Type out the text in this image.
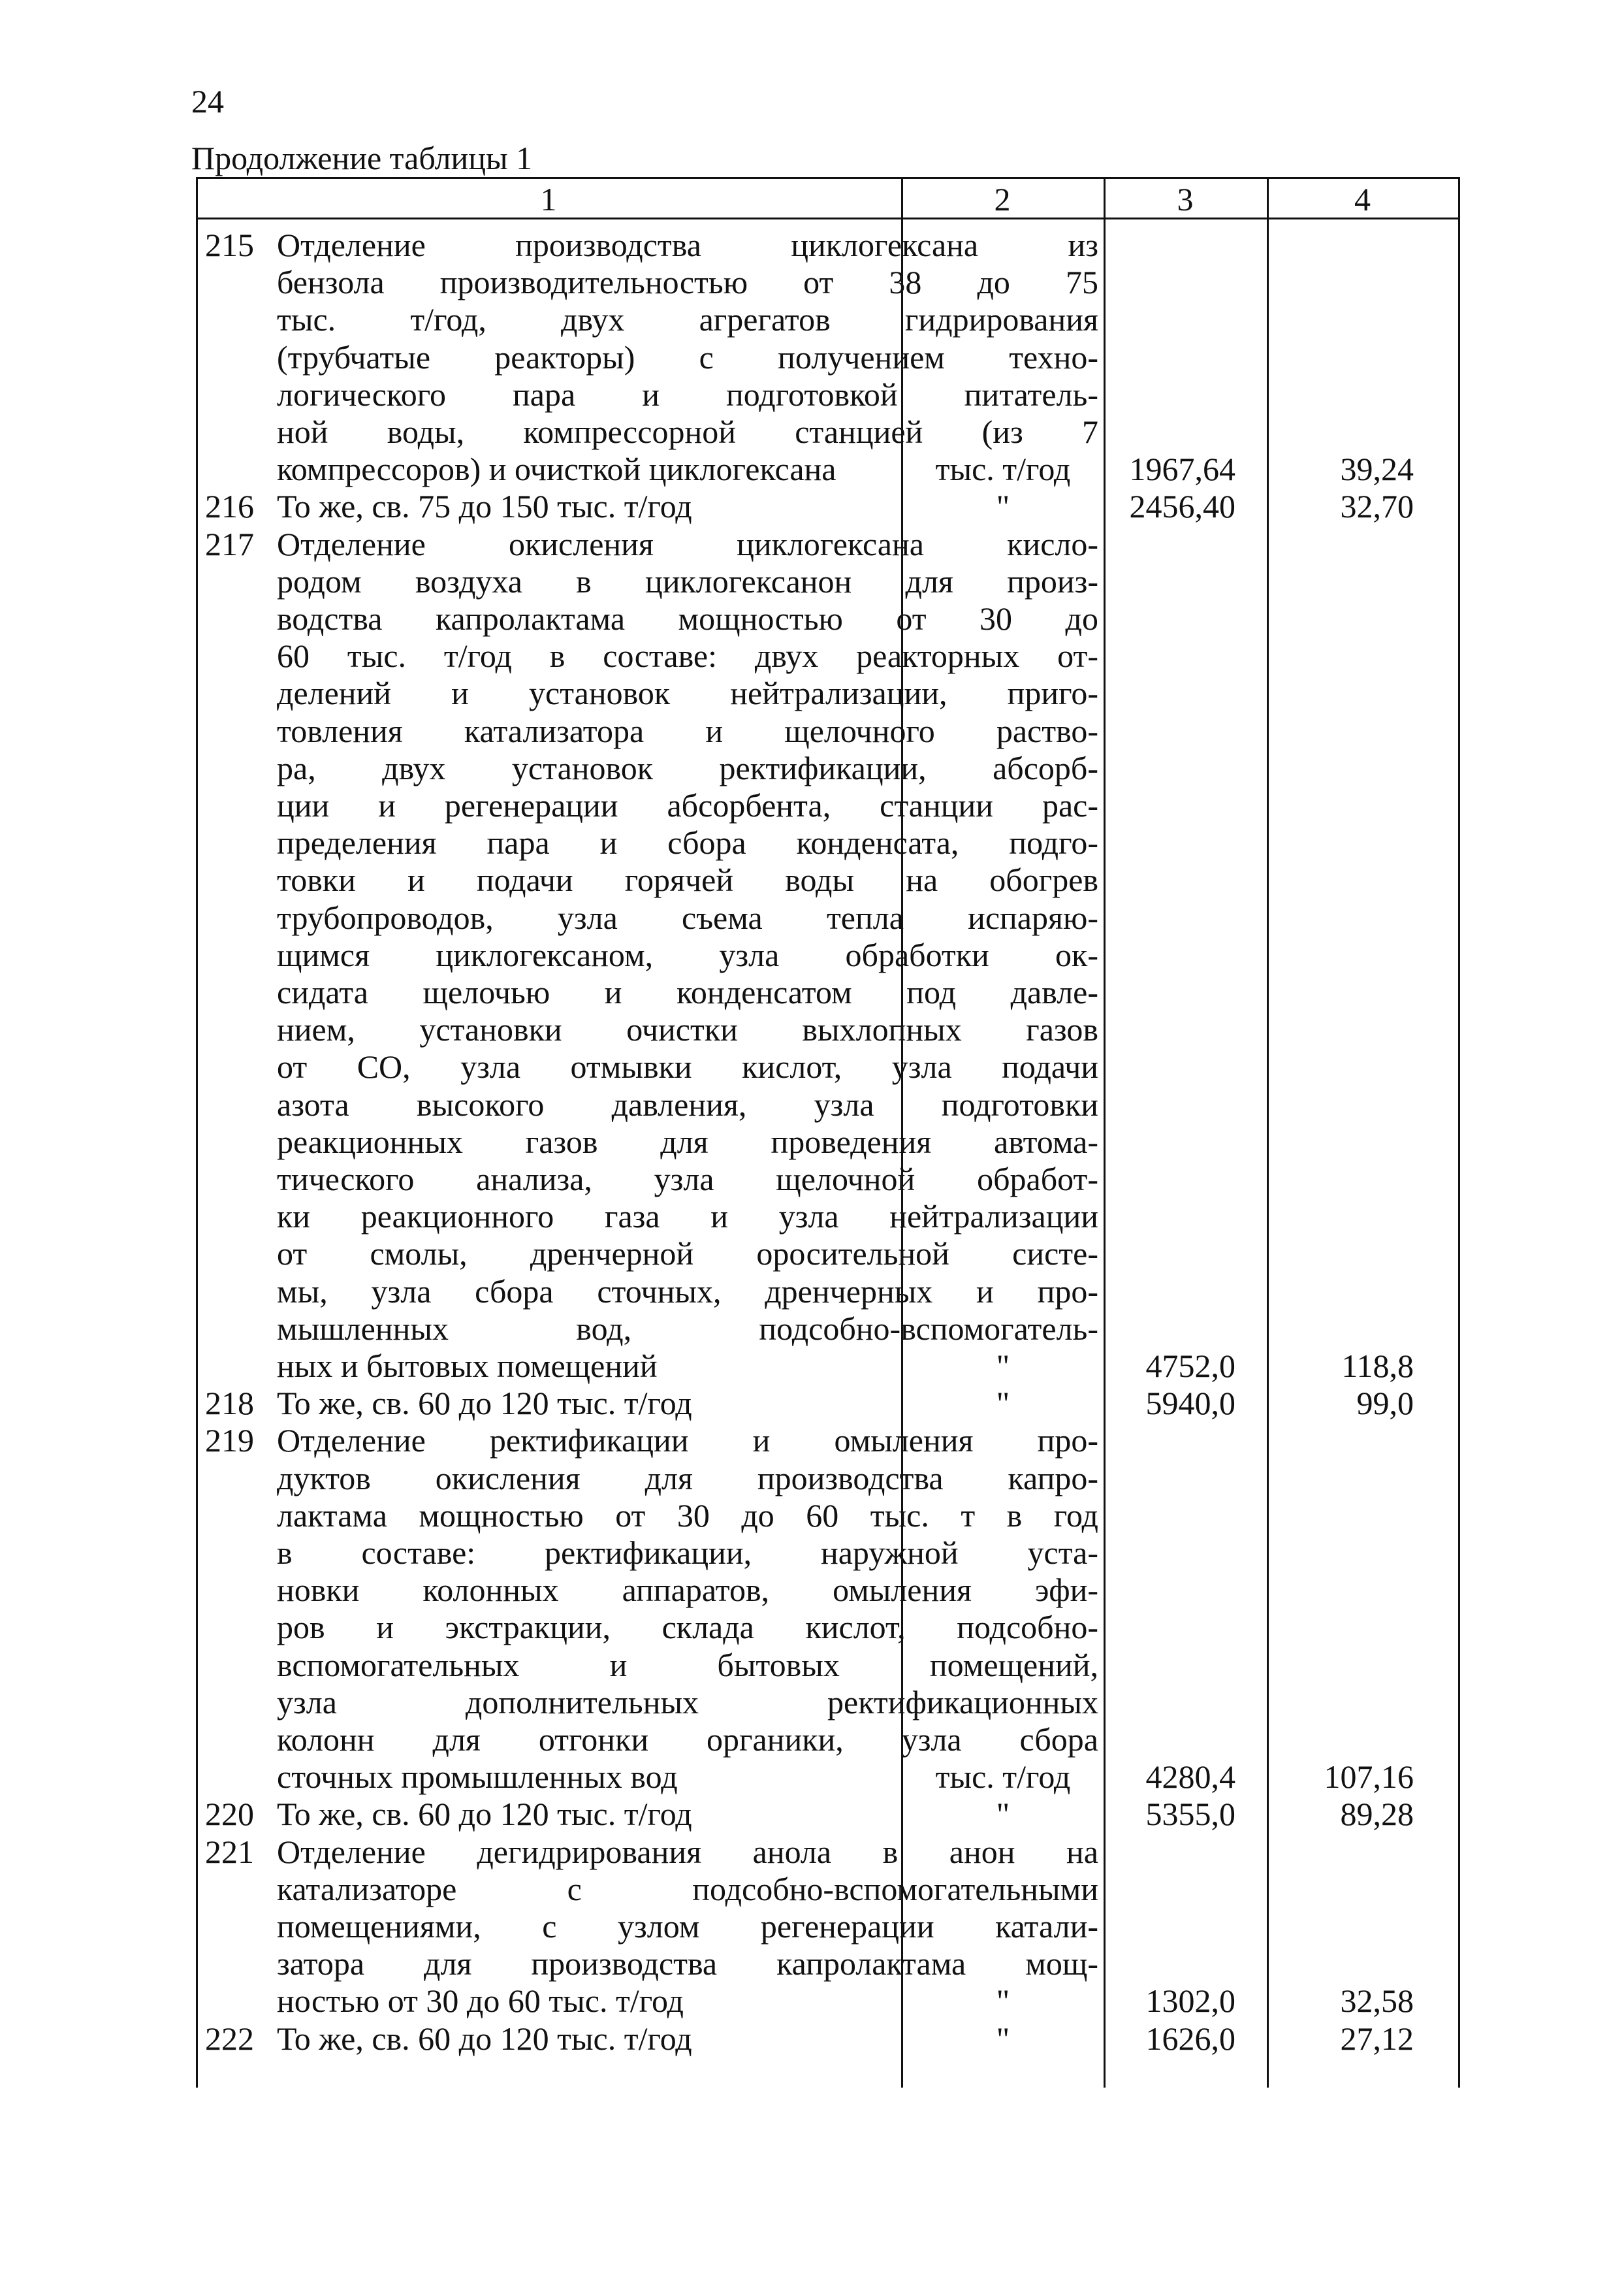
24
Продолжение таблицы 1
1	2	3	4
215 Отделение производства циклогексана из
бензола производительностью от 38 до 75
тыс. т/год, двух агрегатов гидрирования
(трубчатые реакторы) с получением техно-
логического пара и подготовкой питатель-
ной воды, компрессорной станцией (из 7
компрессоров) и очисткой циклогексана	тыс. т/год	1967,64	39,24
216 То же, св. 75 до 150 тыс. т/год	"	2456,40	32,70
217 Отделение окисления циклогексана кисло-
родом воздуха в циклогексанон для произ-
водства капролактама мощностью от 30 до
60 тыс. т/год в составе: двух реакторных от-
делений и установок нейтрализации, приго-
товления катализатора и щелочного раство-
ра, двух установок ректификации, абсорб-
ции и регенерации абсорбента, станции рас-
пределения пара и сбора конденсата, подго-
товки и подачи горячей воды на обогрев
трубопроводов, узла съема тепла испаряю-
щимся циклогексаном, узла обработки ок-
сидата щелочью и конденсатом под давле-
нием, установки очистки выхлопных газов
от СО, узла отмывки кислот, узла подачи
азота высокого давления, узла подготовки
реакционных газов для проведения автома-
тического анализа, узла щелочной обработ-
ки реакционного газа и узла нейтрализации
от смолы, дренчерной оросительной систе-
мы, узла сбора сточных, дренчерных и про-
мышленных вод, подсобно-вспомогатель-
ных и бытовых помещений	"	4752,0	118,8
218 То же, св. 60 до 120 тыс. т/год	"	5940,0	99,0
219 Отделение ректификации и омыления про-
дуктов окисления для производства капро-
лактама мощностью от 30 до 60 тыс. т в год
в составе: ректификации, наружной уста-
новки колонных аппаратов, омыления эфи-
ров и экстракции, склада кислот, подсобно-
вспомогательных и бытовых помещений,
узла дополнительных ректификационных
колонн для отгонки органики, узла сбора
сточных промышленных вод	тыс. т/год	4280,4	107,16
220 То же, св. 60 до 120 тыс. т/год	"	5355,0	89,28
221 Отделение дегидрирования анола в анон на
катализаторе с подсобно-вспомогательными
помещениями, с узлом регенерации катали-
затора для производства капролактама мощ-
ностью от 30 до 60 тыс. т/год	"	1302,0	32,58
222 То же, св. 60 до 120 тыс. т/год	"	1626,0	27,12
